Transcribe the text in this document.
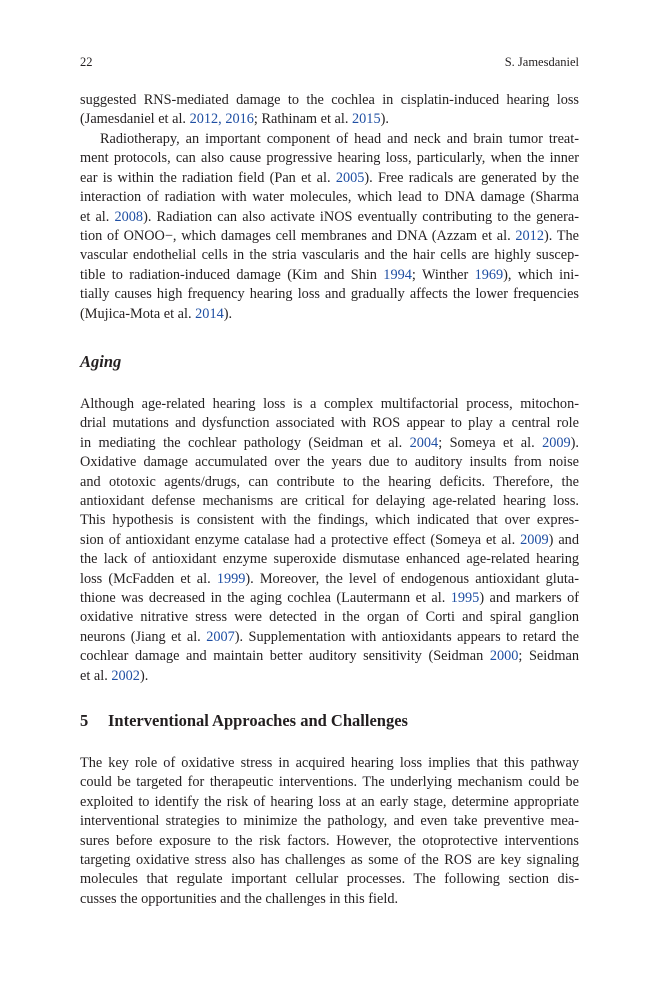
22	S. Jamesdaniel

suggested RNS-mediated damage to the cochlea in cisplatin-induced hearing loss
(Jamesdaniel et al. 2012, 2016; Rathinam et al. 2015).

Radiotherapy, an important component of head and neck and brain tumor treat-
ment protocols, can also cause progressive hearing loss, particularly, when the inner
ear is within the radiation field (Pan et al. 2005). Free radicals are generated by the
interaction of radiation with water molecules, which lead to DNA damage (Sharma
et al. 2008). Radiation can also activate iNOS eventually contributing to the genera-
tion of ONOO−, which damages cell membranes and DNA (Azzam et al. 2012). The
vascular endothelial cells in the stria vascularis and the hair cells are highly suscep-
tible to radiation-induced damage (Kim and Shin 1994; Winther 1969), which ini-
tially causes high frequency hearing loss and gradually affects the lower frequencies
(Mujica-Mota et al. 2014).

Aging

Although age-related hearing loss is a complex multifactorial process, mitochon-
drial mutations and dysfunction associated with ROS appear to play a central role
in mediating the cochlear pathology (Seidman et al. 2004; Someya et al. 2009).
Oxidative damage accumulated over the years due to auditory insults from noise
and ototoxic agents/drugs, can contribute to the hearing deficits. Therefore, the
antioxidant defense mechanisms are critical for delaying age-related hearing loss.
This hypothesis is consistent with the findings, which indicated that over expres-
sion of antioxidant enzyme catalase had a protective effect (Someya et al. 2009) and
the lack of antioxidant enzyme superoxide dismutase enhanced age-related hearing
loss (McFadden et al. 1999). Moreover, the level of endogenous antioxidant gluta-
thione was decreased in the aging cochlea (Lautermann et al. 1995) and markers of
oxidative nitrative stress were detected in the organ of Corti and spiral ganglion
neurons (Jiang et al. 2007). Supplementation with antioxidants appears to retard the
cochlear damage and maintain better auditory sensitivity (Seidman 2000; Seidman
et al. 2002).

5 Interventional Approaches and Challenges

The key role of oxidative stress in acquired hearing loss implies that this pathway
could be targeted for therapeutic interventions. The underlying mechanism could be
exploited to identify the risk of hearing loss at an early stage, determine appropriate
interventional strategies to minimize the pathology, and even take preventive mea-
sures before exposure to the risk factors. However, the otoprotective interventions
targeting oxidative stress also has challenges as some of the ROS are key signaling
molecules that regulate important cellular processes. The following section dis-
cusses the opportunities and the challenges in this field.
